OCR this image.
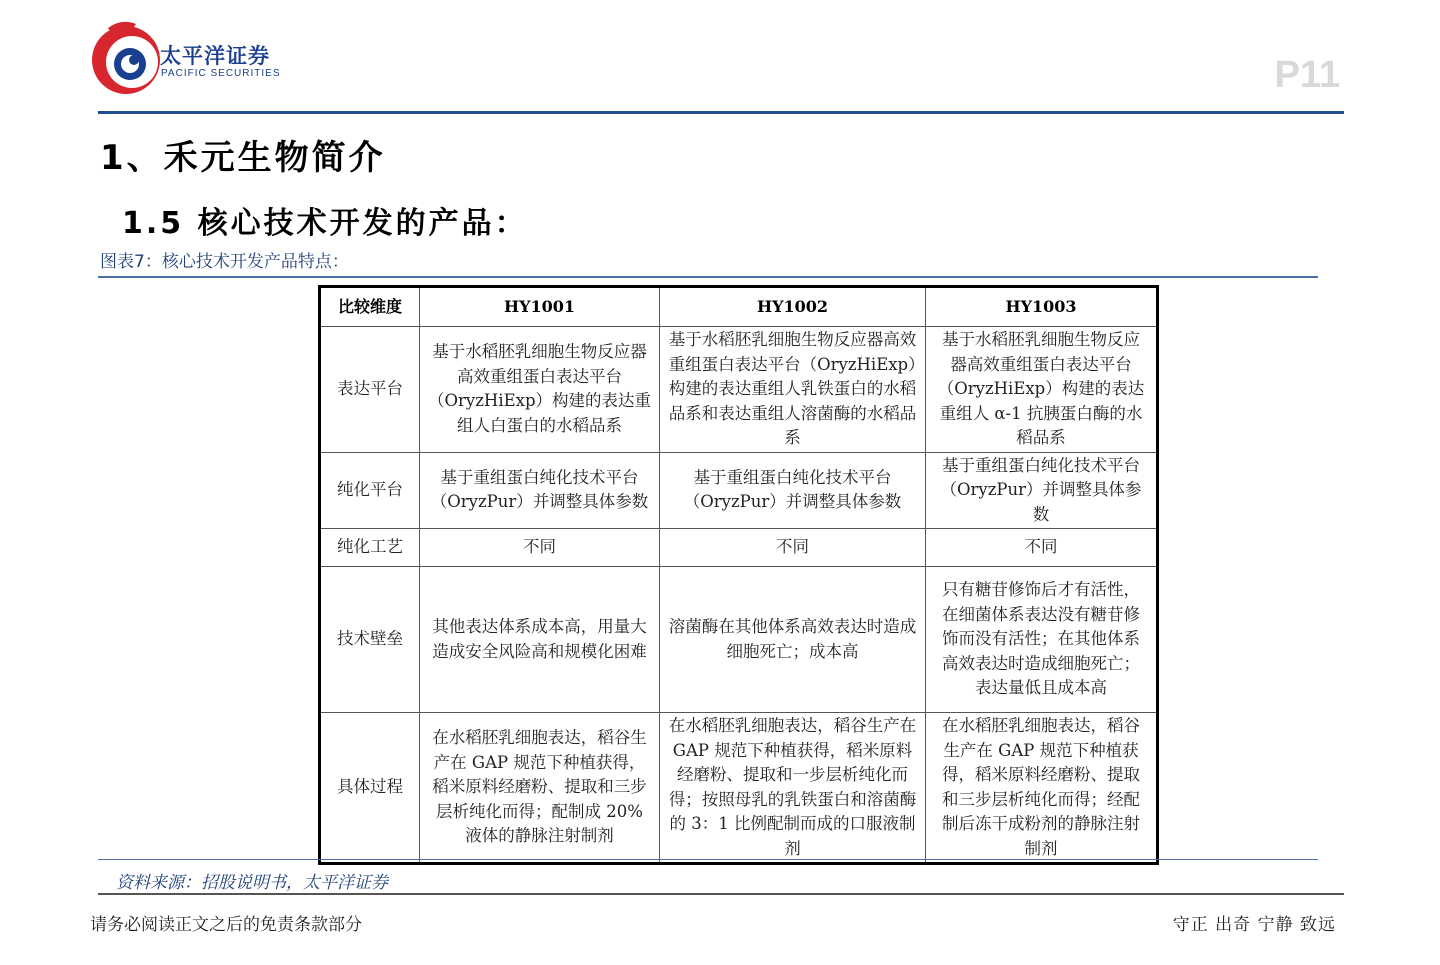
太平洋证券
PACIFIC SECURITIES	P11
1、禾元生物简介
1.5 核心技术开发的产品：
图表7：核心技术开发产品特点：
比较维度	HY1001	HY1002	HY1003
表达平台	基于水稻胚乳细胞生物反应器高效重组蛋白表达平台（OryzHiExp）构建的表达重组人白蛋白的水稻品系	基于水稻胚乳细胞生物反应器高效重组蛋白表达平台（OryzHiExp）构建的表达重组人乳铁蛋白的水稻品系和表达重组人溶菌酶的水稻品系	基于水稻胚乳细胞生物反应器高效重组蛋白表达平台（OryzHiExp）构建的表达重组人 α-1 抗胰蛋白酶的水稻品系
纯化平台	基于重组蛋白纯化技术平台（OryzPur）并调整具体参数	基于重组蛋白纯化技术平台（OryzPur）并调整具体参数	基于重组蛋白纯化技术平台（OryzPur）并调整具体参数
纯化工艺	不同	不同	不同
技术壁垒	其他表达体系成本高，用量大造成安全风险高和规模化困难	溶菌酶在其他体系高效表达时造成细胞死亡；成本高	只有糖苷修饰后才有活性，在细菌体系表达没有糖苷修饰而没有活性；在其他体系高效表达时造成细胞死亡；表达量低且成本高
具体过程	在水稻胚乳细胞表达，稻谷生产在 GAP 规范下种植获得，稻米原料经磨粉、提取和三步层析纯化而得；配制成 20%液体的静脉注射制剂	在水稻胚乳细胞表达，稻谷生产在 GAP 规范下种植获得，稻米原料经磨粉、提取和一步层析纯化而得；按照母乳的乳铁蛋白和溶菌酶的 3：1 比例配制而成的口服液制剂	在水稻胚乳细胞表达，稻谷生产在 GAP 规范下种植获得，稻米原料经磨粉、提取和三步层析纯化而得；经配制后冻干成粉剂的静脉注射制剂
资料来源：招股说明书，太平洋证券
请务必阅读正文之后的免责条款部分	守正 出奇 宁静 致远
